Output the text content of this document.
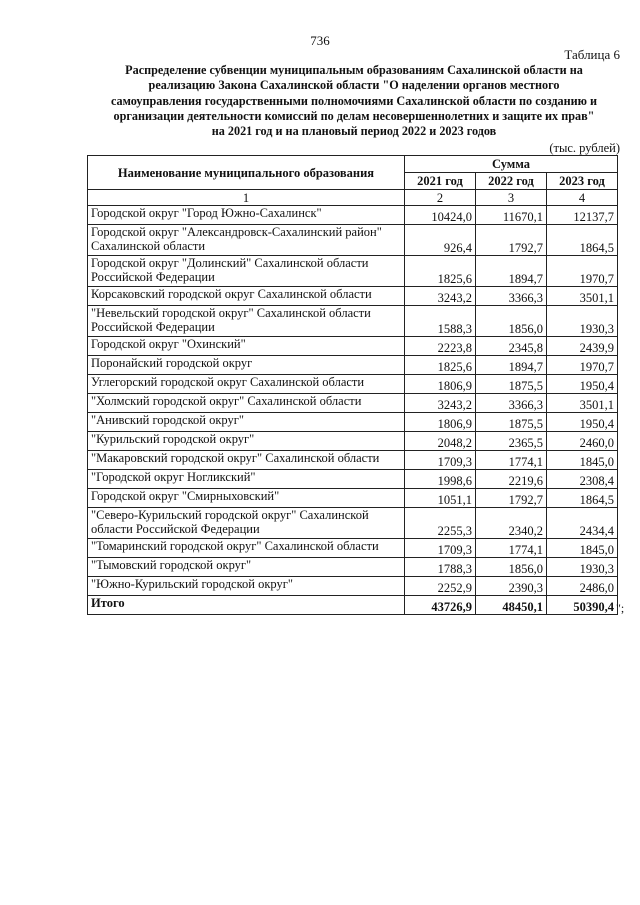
736
Таблица 6
Распределение субвенции муниципальным образованиям Сахалинской области на
реализацию Закона Сахалинской области "О наделении органов местного
самоуправления государственными полномочиями Сахалинской области по созданию и
организации деятельности комиссий по делам несовершеннолетних и защите их прав"
на 2021 год и на плановый период 2022 и 2023 годов
(тыс. рублей)
Наименование муниципального образования	Сумма		
	2021 год	2022 год	2023 год
1	2	3	4
Городской округ "Город Южно-Сахалинск"	10424,0	11670,1	12137,7
Городской округ "Александровск-Сахалинский район" Сахалинской области	926,4	1792,7	1864,5
Городской округ "Долинский" Сахалинской области Российской Федерации	1825,6	1894,7	1970,7
Корсаковский городской округ Сахалинской области	3243,2	3366,3	3501,1
"Невельский городской округ" Сахалинской области Российской Федерации	1588,3	1856,0	1930,3
Городской округ "Охинский"	2223,8	2345,8	2439,9
Поронайский городской округ	1825,6	1894,7	1970,7
Углегорский городской округ Сахалинской области	1806,9	1875,5	1950,4
"Холмский городской округ" Сахалинской области	3243,2	3366,3	3501,1
"Анивский городской округ"	1806,9	1875,5	1950,4
"Курильский городской округ"	2048,2	2365,5	2460,0
"Макаровский городской округ" Сахалинской области	1709,3	1774,1	1845,0
"Городской округ Ногликский"	1998,6	2219,6	2308,4
Городской округ "Смирныховский"	1051,1	1792,7	1864,5
"Северо-Курильский городской округ" Сахалинской области Российской Федерации	2255,3	2340,2	2434,4
"Томаринский городской округ" Сахалинской области	1709,3	1774,1	1845,0
"Тымовский городской округ"	1788,3	1856,0	1930,3
"Южно-Курильский городской округ"	2252,9	2390,3	2486,0
Итого	43726,9	48450,1	50390,4 ";
